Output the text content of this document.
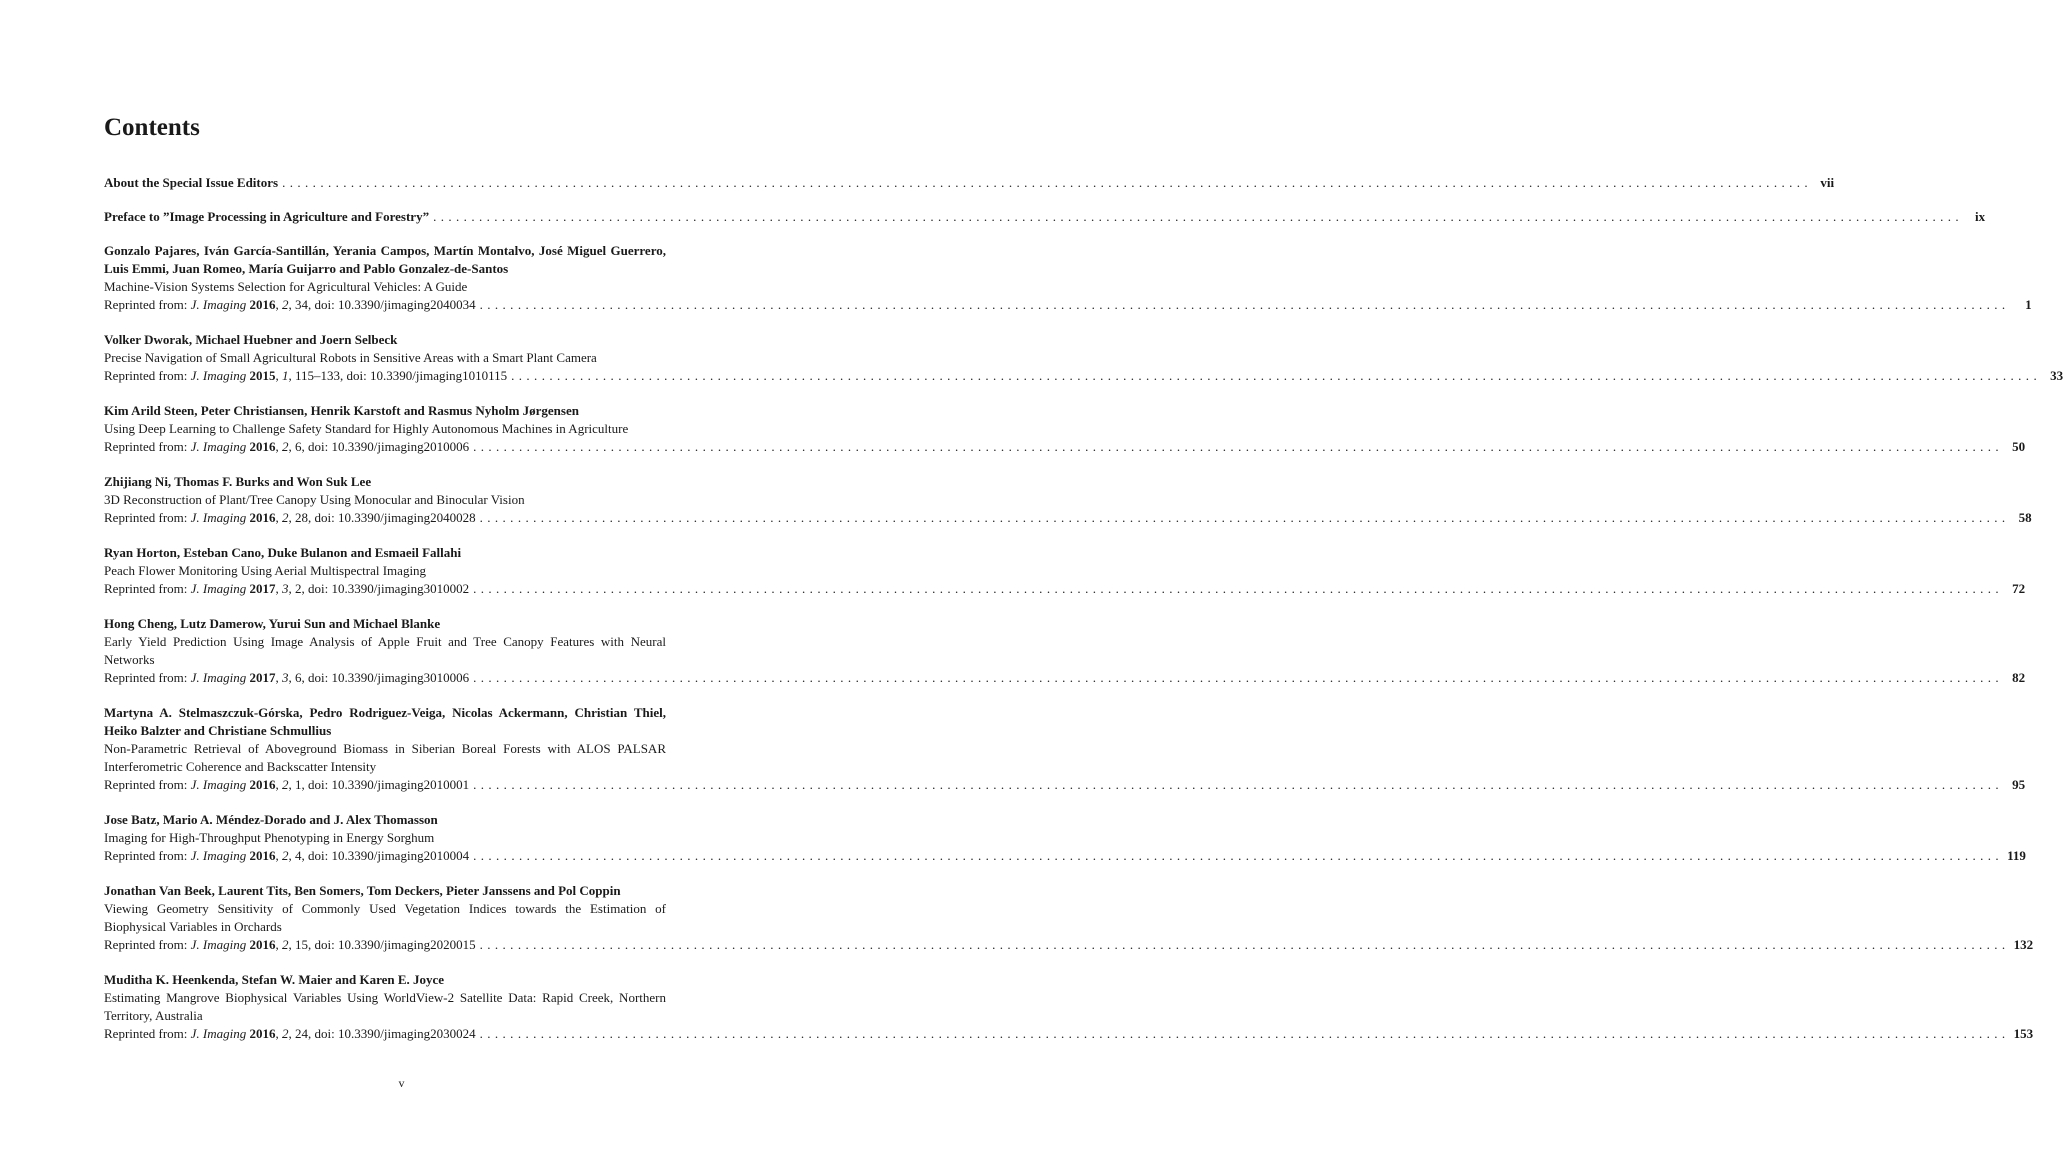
Contents
About the Special Issue Editors ........................................................................................................................................................................................................ vii
Preface to ”Image Processing in Agriculture and Forestry” ........................................................................................................................................................................................................ ix
Gonzalo Pajares, Iván García-Santillán, Yerania Campos, Martín Montalvo, José Miguel Guerrero, Luis Emmi, Juan Romeo, María Guijarro and Pablo Gonzalez-de-Santos
Machine-Vision Systems Selection for Agricultural Vehicles: A Guide
Reprinted from: J. Imaging 2016, 2, 34, doi: 10.3390/jimaging2040034 ........................................................................................................................................................................................................	1
Volker Dworak, Michael Huebner and Joern Selbeck
Precise Navigation of Small Agricultural Robots in Sensitive Areas with a Smart Plant Camera
Reprinted from: J. Imaging 2015, 1, 115–133, doi: 10.3390/jimaging1010115 ........................................................................................................................................................................................................ 33
Kim Arild Steen, Peter Christiansen, Henrik Karstoft and Rasmus Nyholm Jørgensen
Using Deep Learning to Challenge Safety Standard for Highly Autonomous Machines in Agriculture
Reprinted from: J. Imaging 2016, 2, 6, doi: 10.3390/jimaging2010006 ........................................................................................................................................................................................................ 50
Zhijiang Ni, Thomas F. Burks and Won Suk Lee
3D Reconstruction of Plant/Tree Canopy Using Monocular and Binocular Vision
Reprinted from: J. Imaging 2016, 2, 28, doi: 10.3390/jimaging2040028 ........................................................................................................................................................................................................ 58
Ryan Horton, Esteban Cano, Duke Bulanon and Esmaeil Fallahi
Peach Flower Monitoring Using Aerial Multispectral Imaging
Reprinted from: J. Imaging 2017, 3, 2, doi: 10.3390/jimaging3010002 ........................................................................................................................................................................................................ 72
Hong Cheng, Lutz Damerow, Yurui Sun and Michael Blanke
Early Yield Prediction Using Image Analysis of Apple Fruit and Tree Canopy Features with Neural Networks
Reprinted from: J. Imaging 2017, 3, 6, doi: 10.3390/jimaging3010006 ........................................................................................................................................................................................................ 82
Martyna A. Stelmaszczuk-Górska, Pedro Rodriguez-Veiga, Nicolas Ackermann, Christian Thiel, Heiko Balzter and Christiane Schmullius
Non-Parametric Retrieval of Aboveground Biomass in Siberian Boreal Forests with ALOS PALSAR Interferometric Coherence and Backscatter Intensity
Reprinted from: J. Imaging 2016, 2, 1, doi: 10.3390/jimaging2010001 ........................................................................................................................................................................................................ 95
Jose Batz, Mario A. Méndez-Dorado and J. Alex Thomasson
Imaging for High-Throughput Phenotyping in Energy Sorghum
Reprinted from: J. Imaging 2016, 2, 4, doi: 10.3390/jimaging2010004 ........................................................................................................................................................................................................ 119
Jonathan Van Beek, Laurent Tits, Ben Somers, Tom Deckers, Pieter Janssens and Pol Coppin
Viewing Geometry Sensitivity of Commonly Used Vegetation Indices towards the Estimation of Biophysical Variables in Orchards
Reprinted from: J. Imaging 2016, 2, 15, doi: 10.3390/jimaging2020015 ........................................................................................................................................................................................................ 132
Muditha K. Heenkenda, Stefan W. Maier and Karen E. Joyce
Estimating Mangrove Biophysical Variables Using WorldView-2 Satellite Data: Rapid Creek, Northern Territory, Australia
Reprinted from: J. Imaging 2016, 2, 24, doi: 10.3390/jimaging2030024 ........................................................................................................................................................................................................ 153
v
